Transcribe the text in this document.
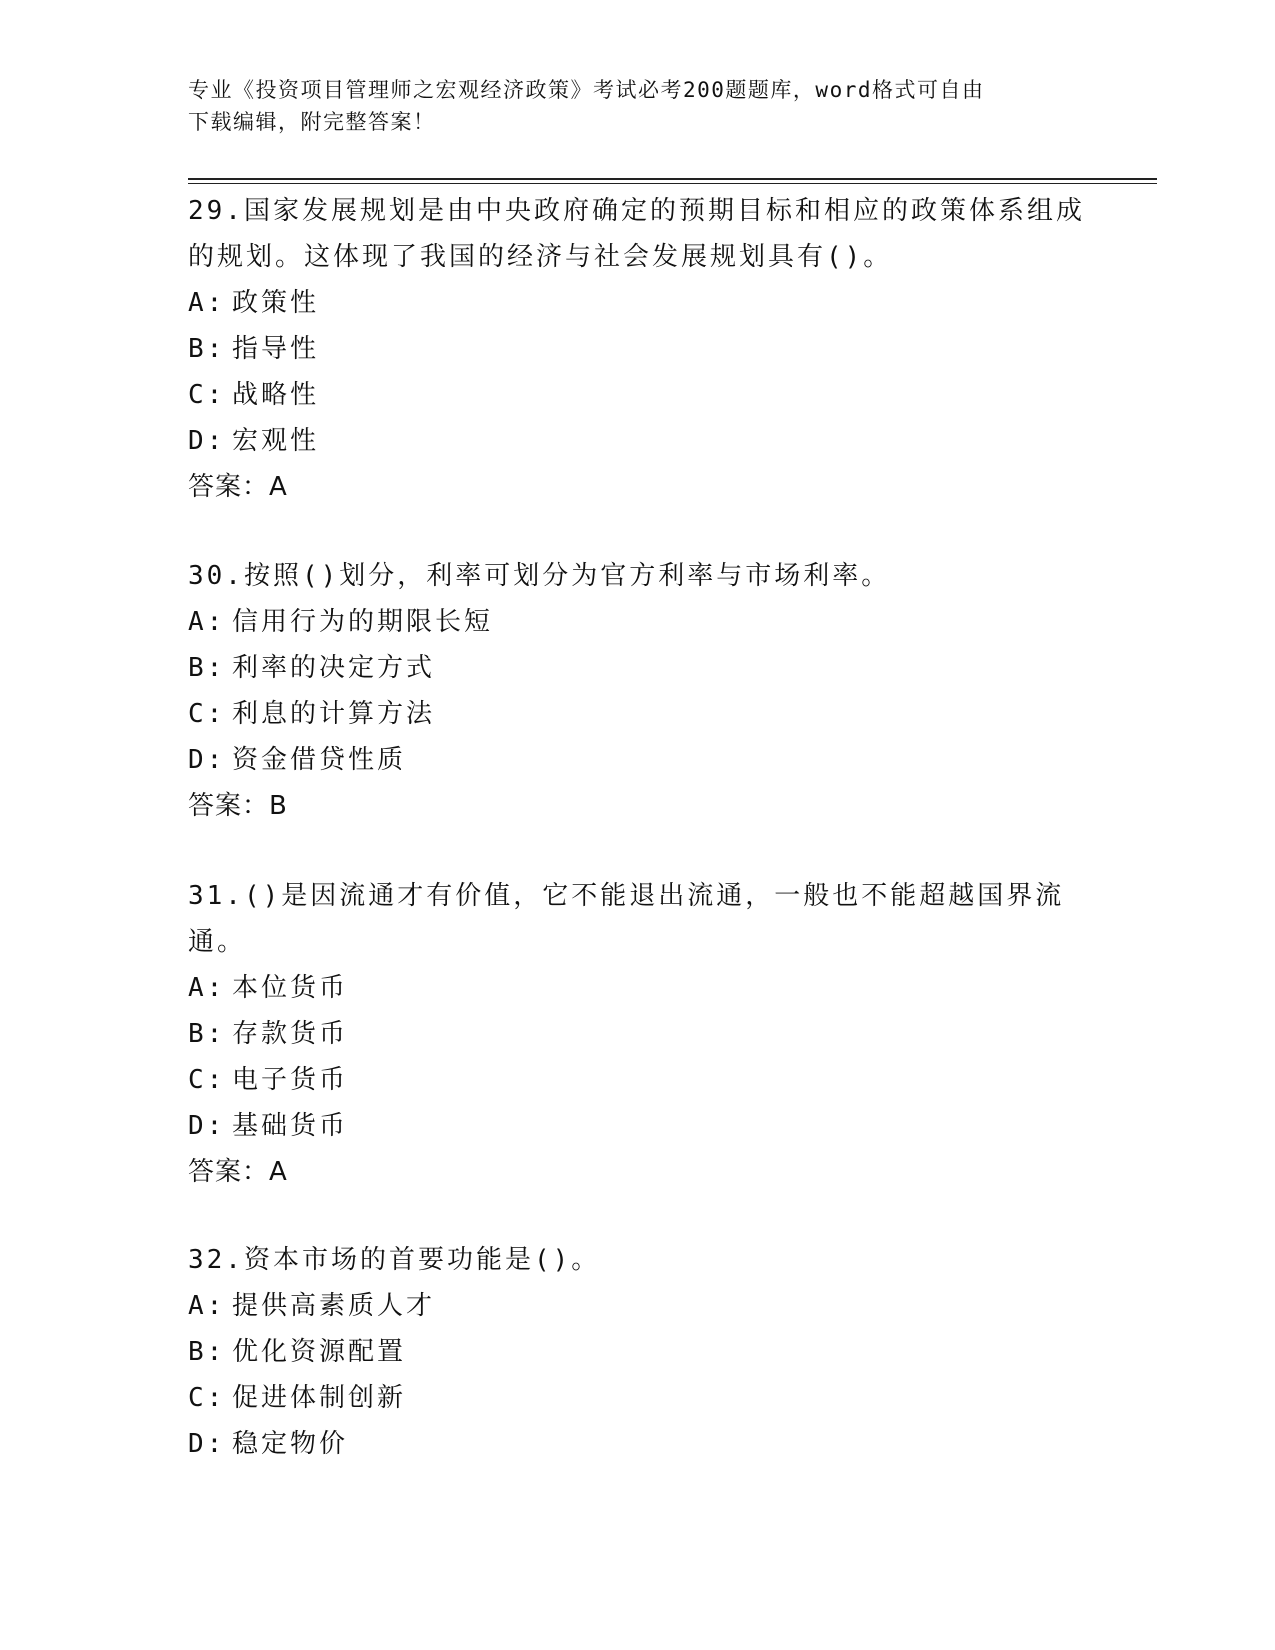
专业《投资项目管理师之宏观经济政策》考试必考200题题库，word格式可自由
下载编辑，附完整答案！

29.国家发展规划是由中央政府确定的预期目标和相应的政策体系组成的规划。这体现了我国的经济与社会发展规划具有()。

A: 政策性
B: 指导性
C: 战略性
D: 宏观性
答案：A

30.按照()划分，利率可划分为官方利率与市场利率。

A: 信用行为的期限长短
B: 利率的决定方式
C: 利息的计算方法
D: 资金借贷性质
答案：B

31.()是因流通才有价值，它不能退出流通，一般也不能超越国界流通。

A: 本位货币
B: 存款货币
C: 电子货币
D: 基础货币
答案：A

32.资本市场的首要功能是()。

A: 提供高素质人才
B: 优化资源配置
C: 促进体制创新
D: 稳定物价
